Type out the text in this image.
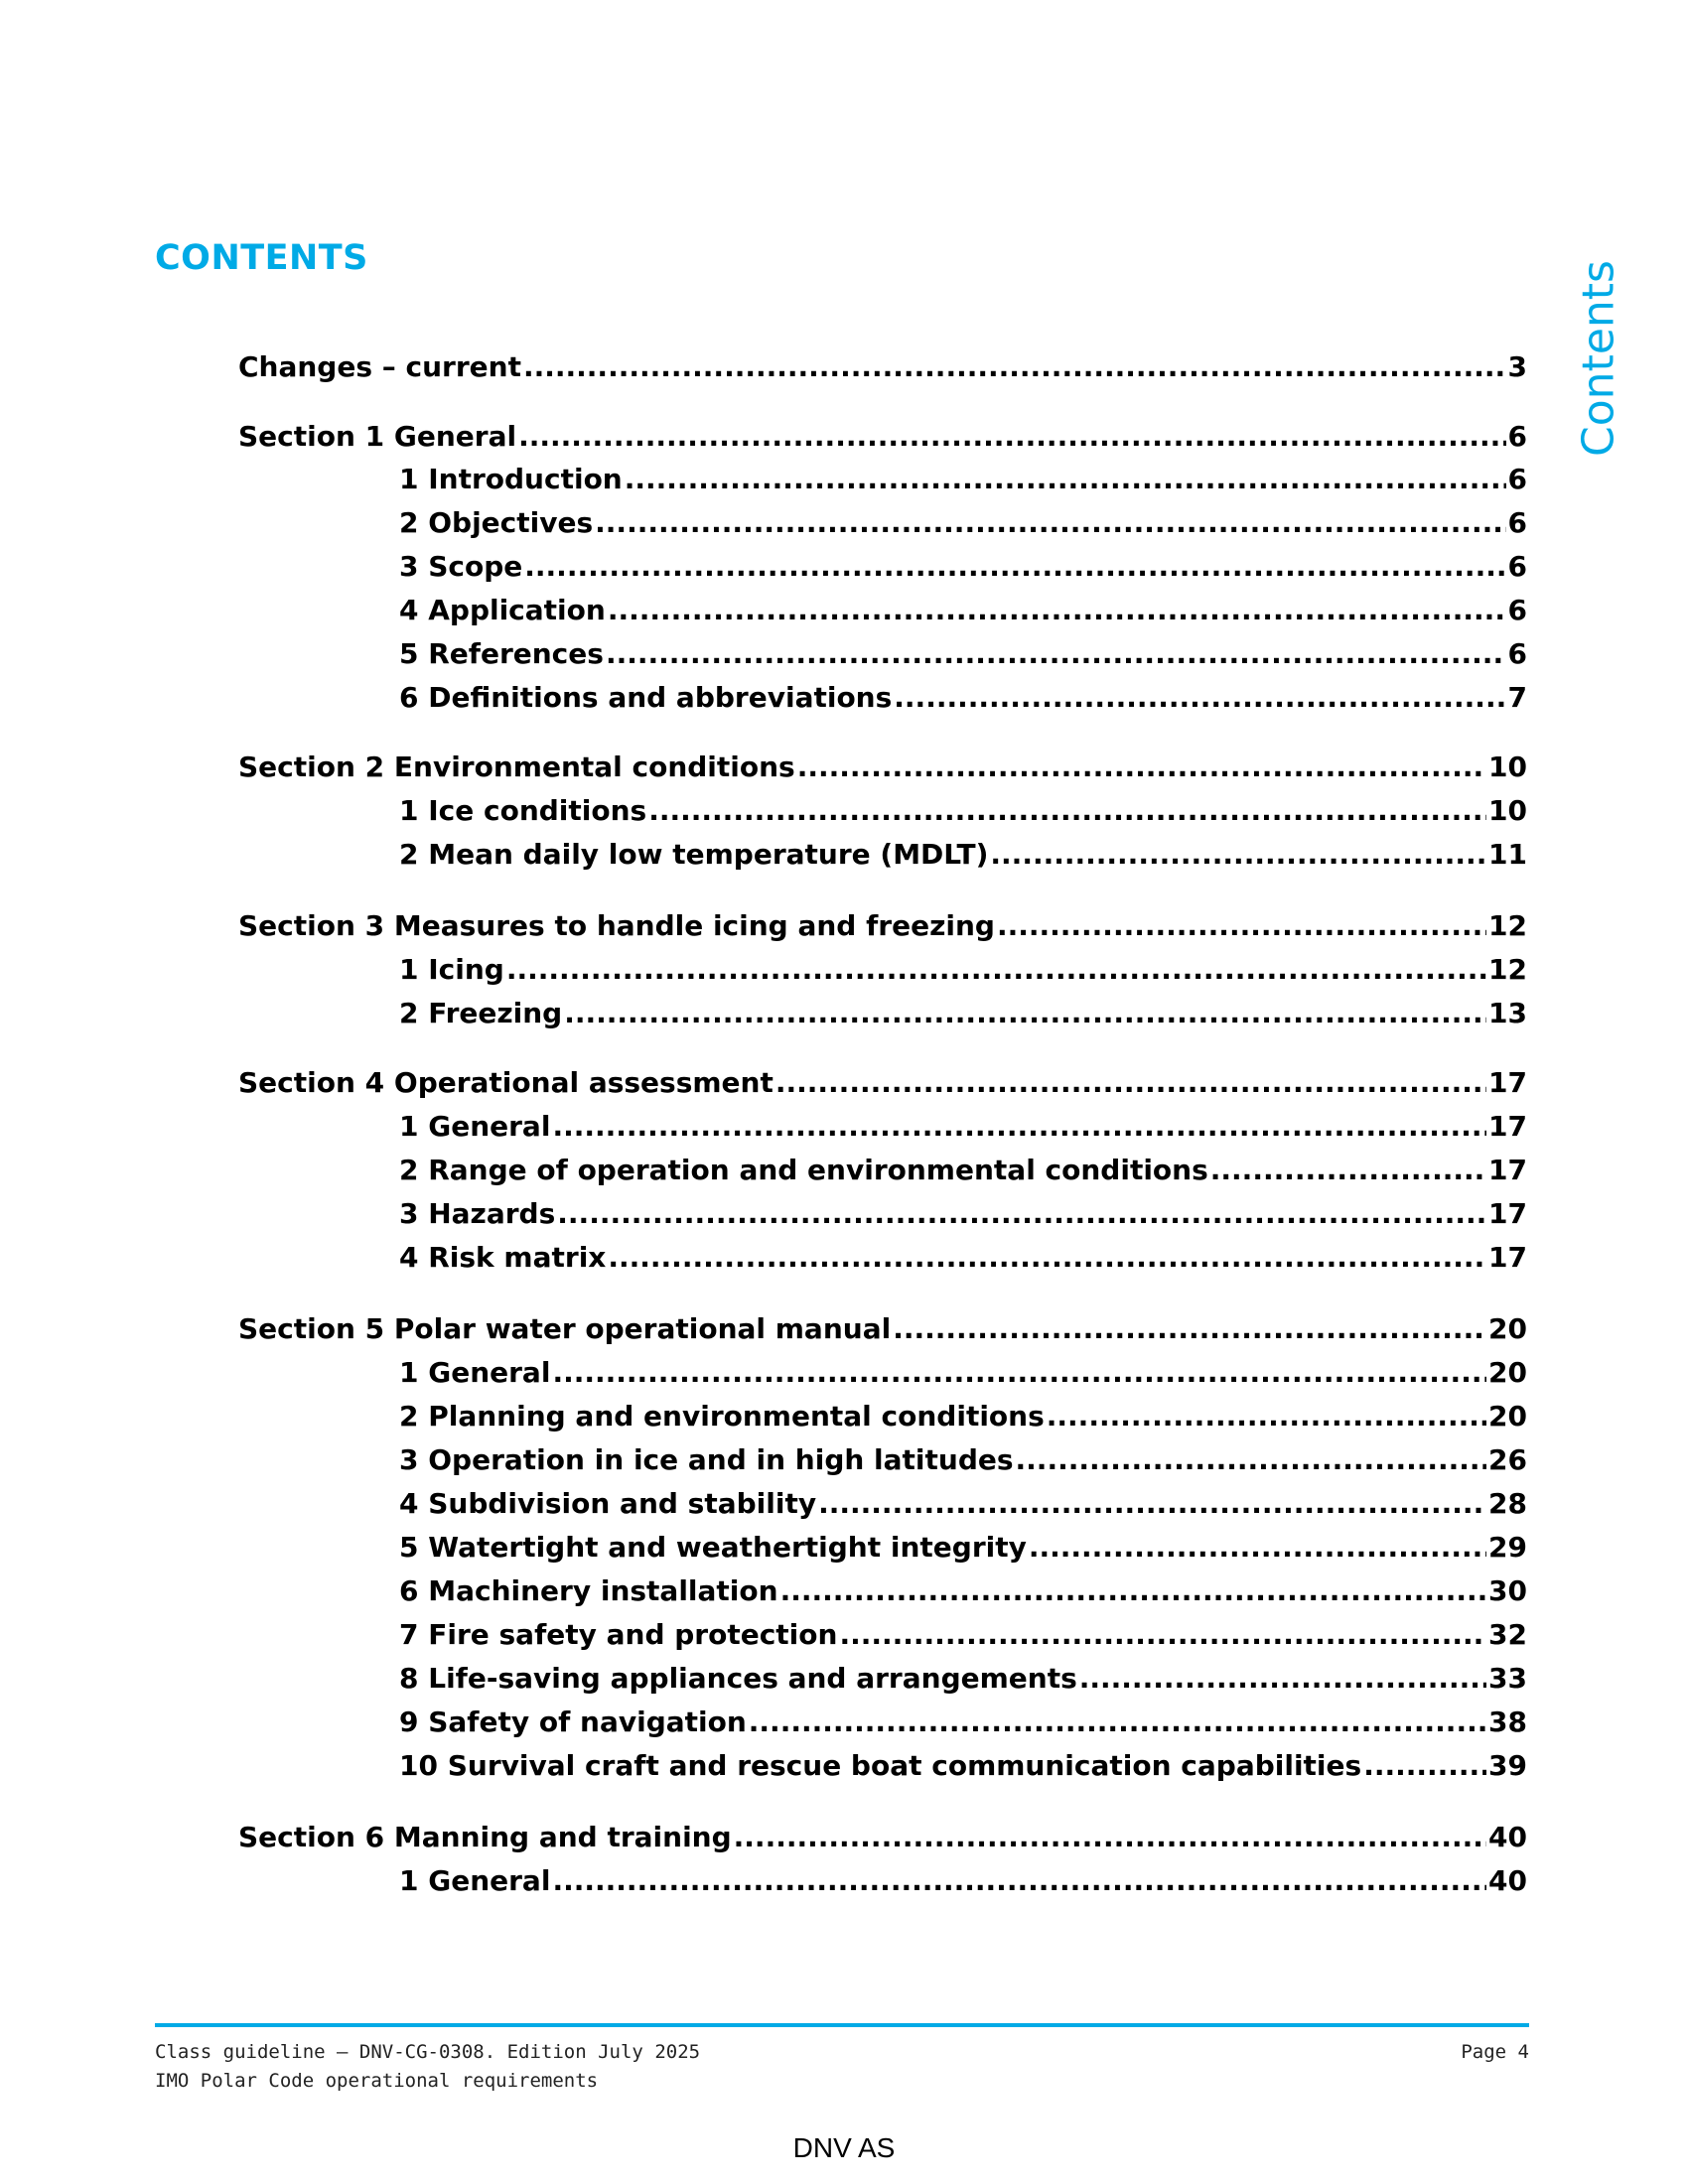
CONTENTS
Contents
Changes – current .....	3
Section 1 General .....	6
1 Introduction .....	6
2 Objectives .....	6
3 Scope .....	6
4 Application .....	6
5 References .....	6
6 Definitions and abbreviations .....	7
Section 2 Environmental conditions .....	10
1 Ice conditions .....	10
2 Mean daily low temperature (MDLT) .....	11
Section 3 Measures to handle icing and freezing .....	12
1 Icing .....	12
2 Freezing .....	13
Section 4 Operational assessment .....	17
1 General .....	17
2 Range of operation and environmental conditions .....	17
3 Hazards .....	17
4 Risk matrix .....	17
Section 5 Polar water operational manual .....	20
1 General .....	20
2 Planning and environmental conditions .....	20
3 Operation in ice and in high latitudes .....	26
4 Subdivision and stability .....	28
5 Watertight and weathertight integrity .....	29
6 Machinery installation .....	30
7 Fire safety and protection .....	32
8 Life-saving appliances and arrangements .....	33
9 Safety of navigation .....	38
10 Survival craft and rescue boat communication capabilities .....	39
Section 6 Manning and training .....	40
1 General .....	40
Class guideline — DNV-CG-0308. Edition July 2025
IMO Polar Code operational requirements
Page 4
DNV AS
